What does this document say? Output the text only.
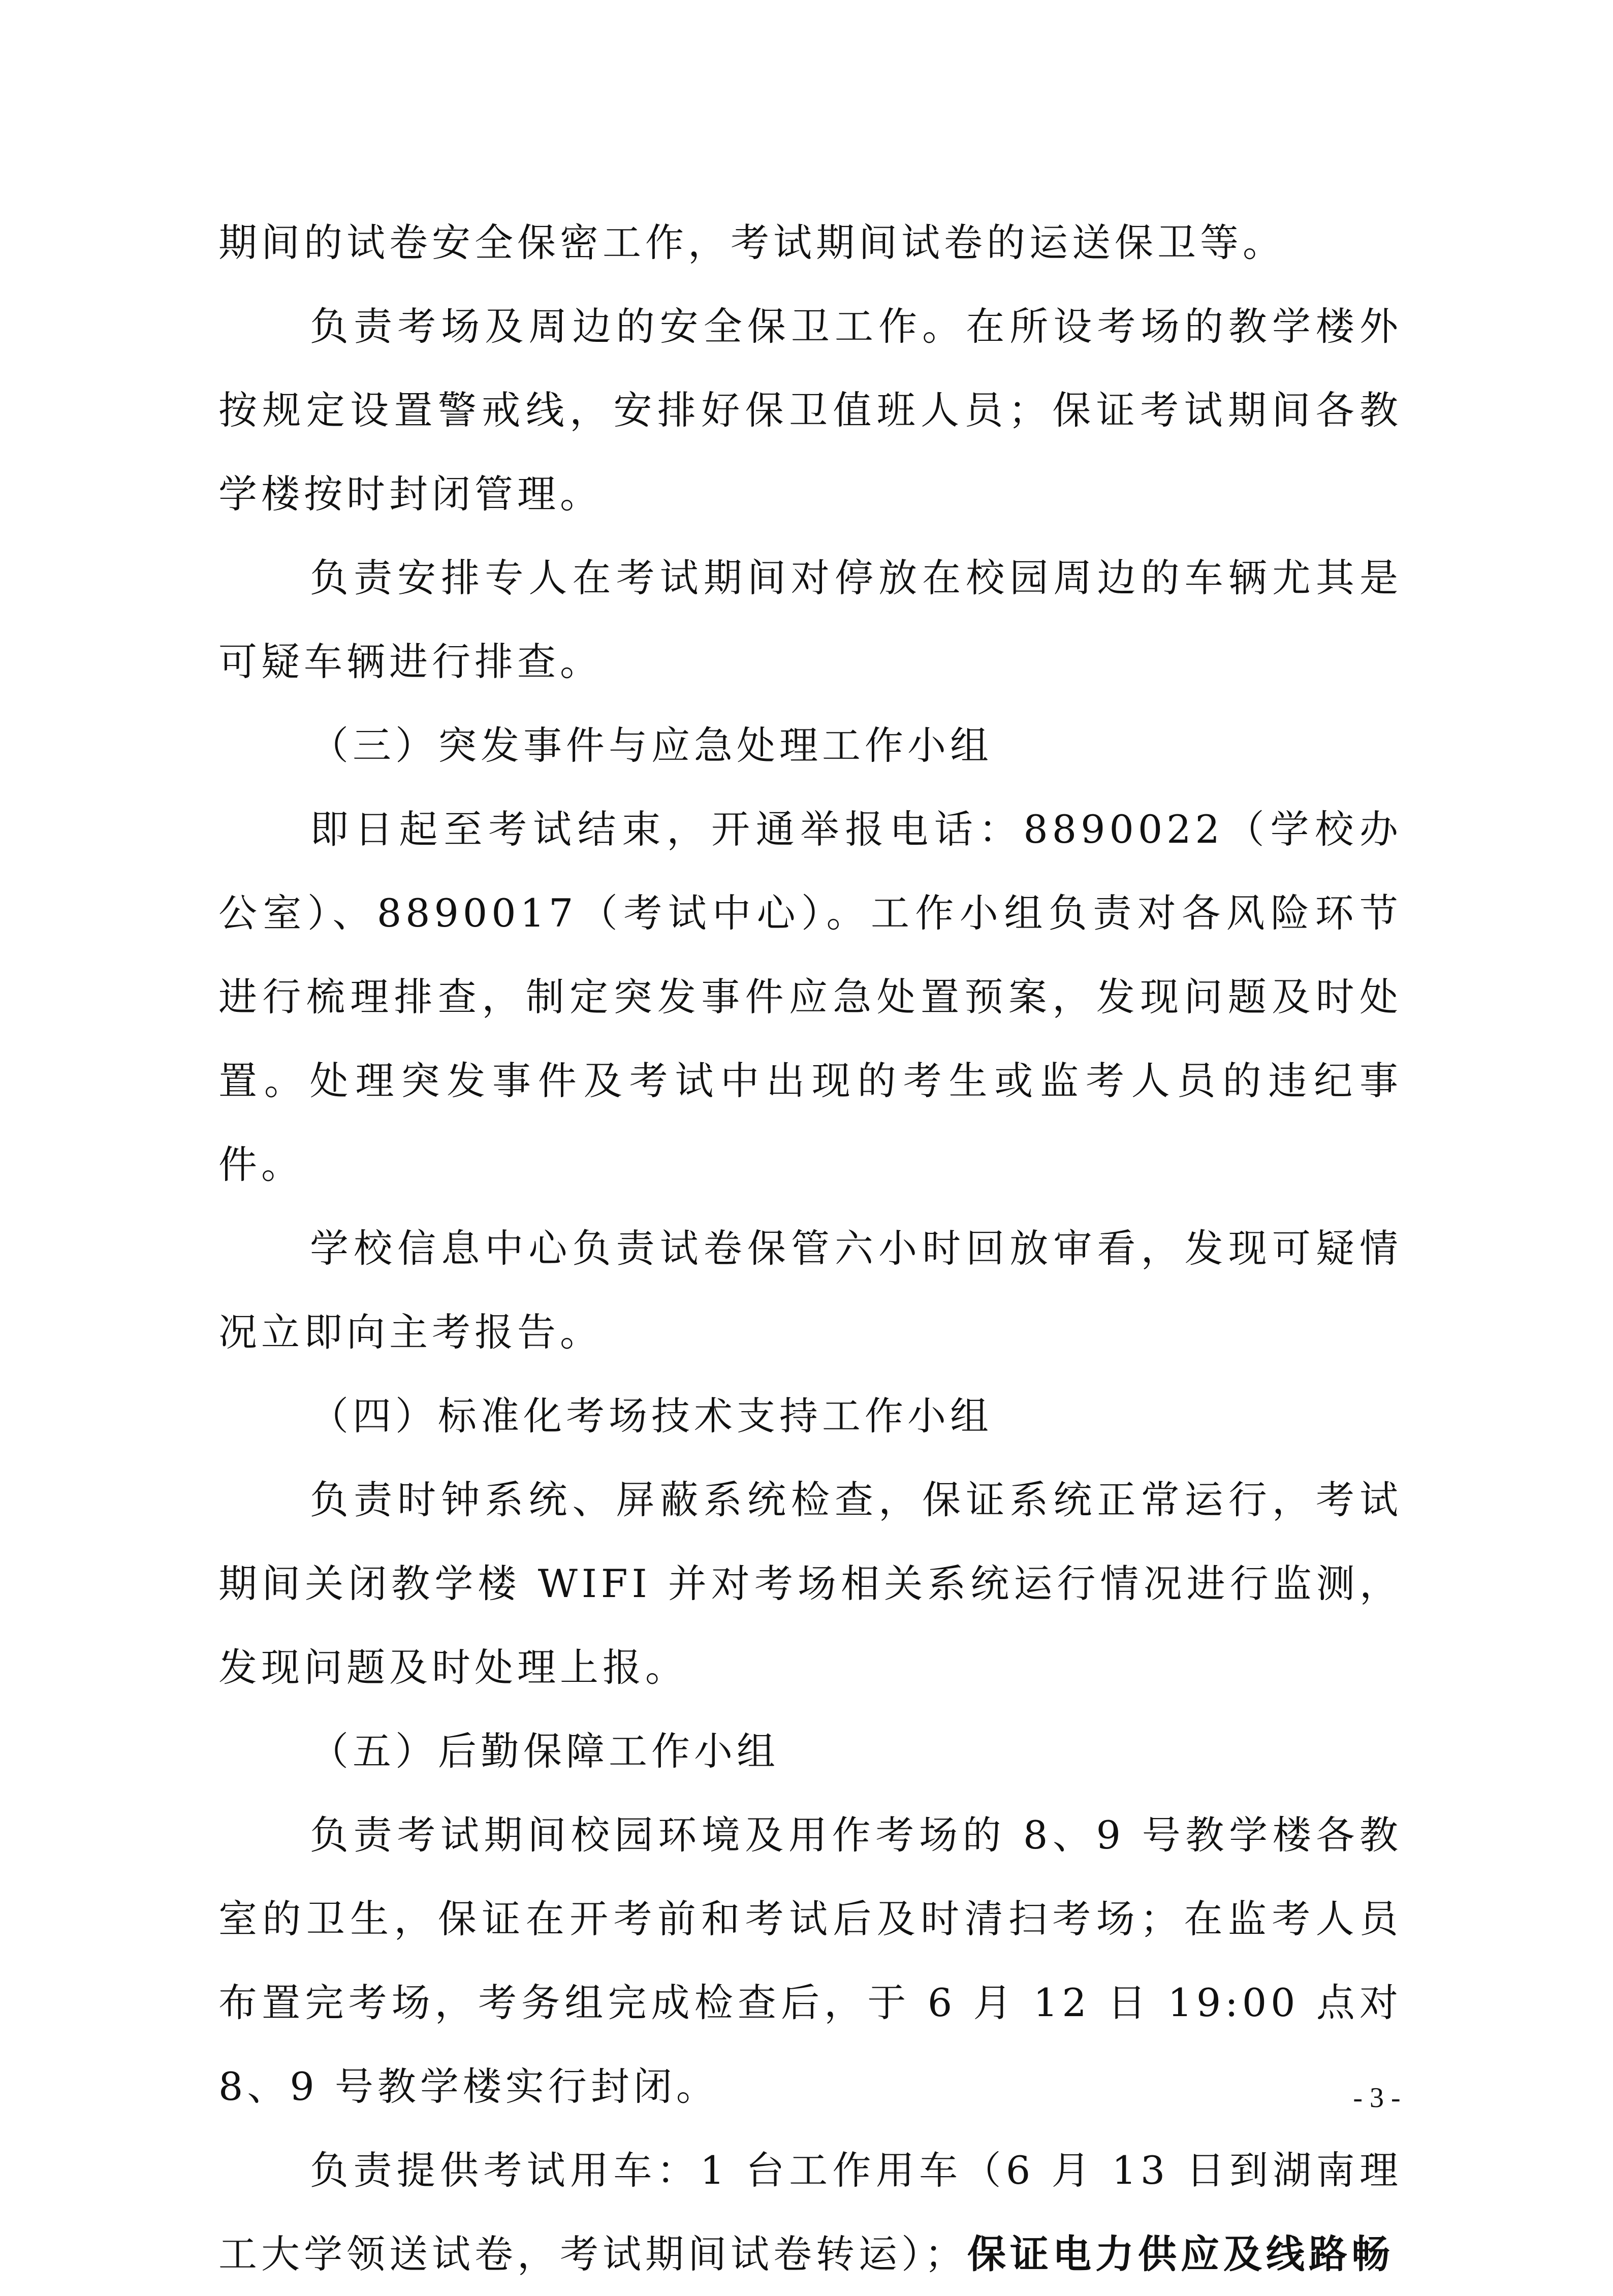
期间的试卷安全保密工作，考试期间试卷的运送保卫等。

负责考场及周边的安全保卫工作。在所设考场的教学楼外按规定设置警戒线，安排好保卫值班人员；保证考试期间各教学楼按时封闭管理。

负责安排专人在考试期间对停放在校园周边的车辆尤其是可疑车辆进行排查。

（三）突发事件与应急处理工作小组

即日起至考试结束，开通举报电话：8890022（学校办公室）、8890017（考试中心）。工作小组负责对各风险环节进行梳理排查，制定突发事件应急处置预案，发现问题及时处置。处理突发事件及考试中出现的考生或监考人员的违纪事件。

学校信息中心负责试卷保管六小时回放审看，发现可疑情况立即向主考报告。

（四）标准化考场技术支持工作小组

负责时钟系统、屏蔽系统检查，保证系统正常运行，考试期间关闭教学楼 WIFI 并对考场相关系统运行情况进行监测，发现问题及时处理上报。

（五）后勤保障工作小组

负责考试期间校园环境及用作考场的 8、9 号教学楼各教室的卫生，保证在开考前和考试后及时清扫考场；在监考人员布置完考场，考务组完成检查后，于 6 月 12 日 19:00 点对 8、9 号教学楼实行封闭。

负责提供考试用车：1 台工作用车（6 月 13 日到湖南理工大学领送试卷，考试期间试卷转运）；保证电力供应及线路畅

- 3 -
